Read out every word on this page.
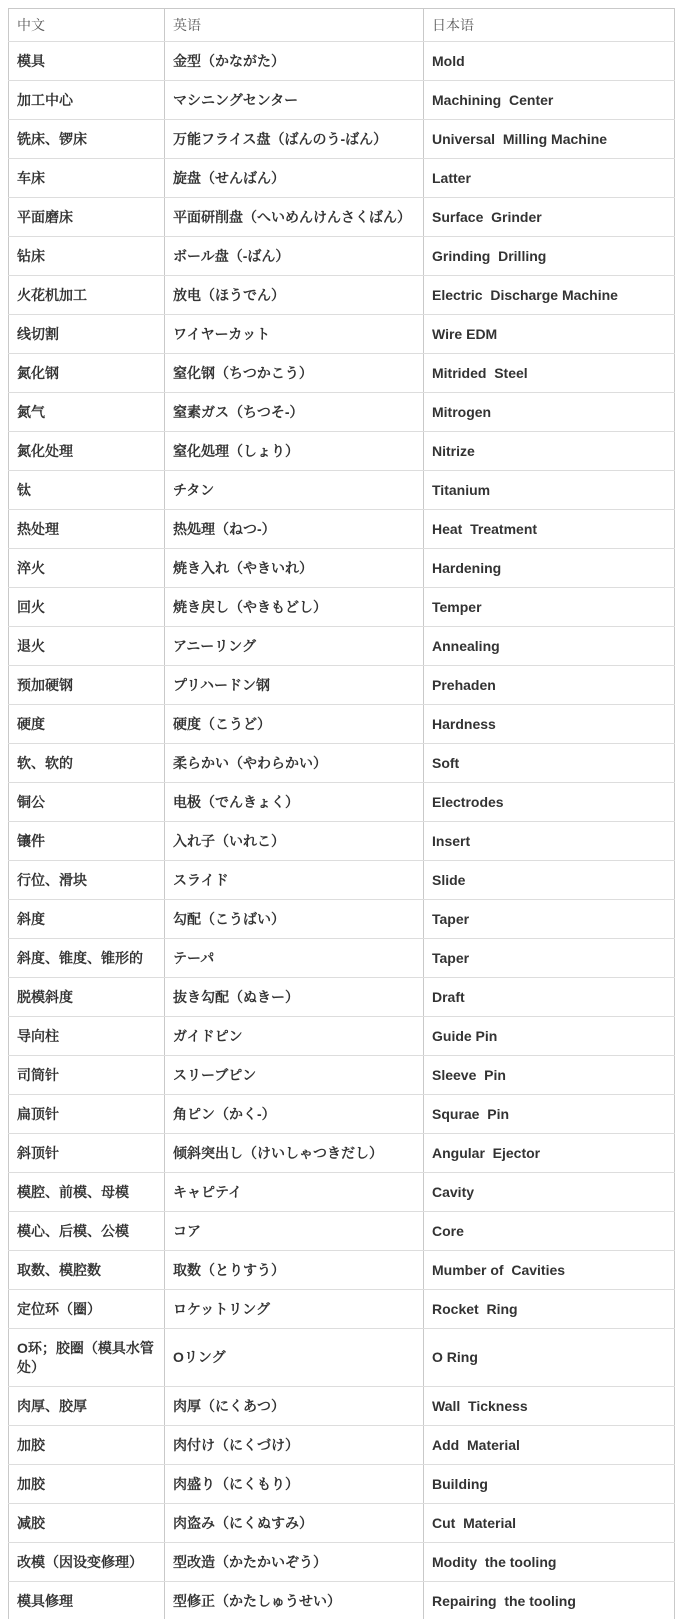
中文	英语	日本语
模具	金型（かながた）	Mold
加工中心	マシニングセンター	Machining  Center
铣床、锣床	万能フライス盘（ばんのう-ばん）	Universal  Milling Machine
车床	旋盘（せんばん）	Latter
平面磨床	平面研削盘（へいめんけんさくばん）	Surface  Grinder
钻床	ボール盘（-ばん）	Grinding  Drilling
火花机加工	放电（ほうでん）	Electric  Discharge Machine
线切割	ワイヤーカット	Wire EDM
氮化钢	窒化钢（ちつかこう）	Mitrided  Steel
氮气	窒素ガス（ちつそ-）	Mitrogen
氮化处理	窒化処理（しょり）	Nitrize
钛	チタン	Titanium
热处理	热処理（ねつ-）	Heat  Treatment
淬火	焼き入れ（やきいれ）	Hardening
回火	焼き戻し（やきもどし）	Temper
退火	アニーリング	Annealing
预加硬钢	プリハードン钢	Prehaden
硬度	硬度（こうど）	Hardness
软、软的	柔らかい（やわらかい）	Soft
铜公	电极（でんきょく）	Electrodes
镶件	入れ子（いれこ）	Insert
行位、滑块	スライド	Slide
斜度	勾配（こうばい）	Taper
斜度、锥度、锥形的	テーパ	Taper
脱模斜度	抜き勾配（ぬきー）	Draft
导向柱	ガイドピン	Guide Pin
司筒针	スリーブピン	Sleeve  Pin
扁顶针	角ピン（かく-）	Squrae  Pin
斜顶针	倾斜突出し（けいしゃつきだし）	Angular  Ejector
模腔、前模、母模	キャピテイ	Cavity
模心、后模、公模	コア	Core
取数、模腔数	取数（とりすう）	Mumber of  Cavities
定位环（圈）	ロケットリング	Rocket  Ring
O环；胶圈（模具水管处）	Oリング	O Ring
肉厚、胶厚	肉厚（にくあつ）	Wall  Tickness
加胶	肉付け（にくづけ）	Add  Material
加胶	肉盛り（にくもり）	Building
减胶	肉盗み（にくぬすみ）	Cut  Material
改模（因设变修理）	型改造（かたかいぞう）	Modity  the tooling
模具修理	型修正（かたしゅうせい）	Repairing  the tooling
